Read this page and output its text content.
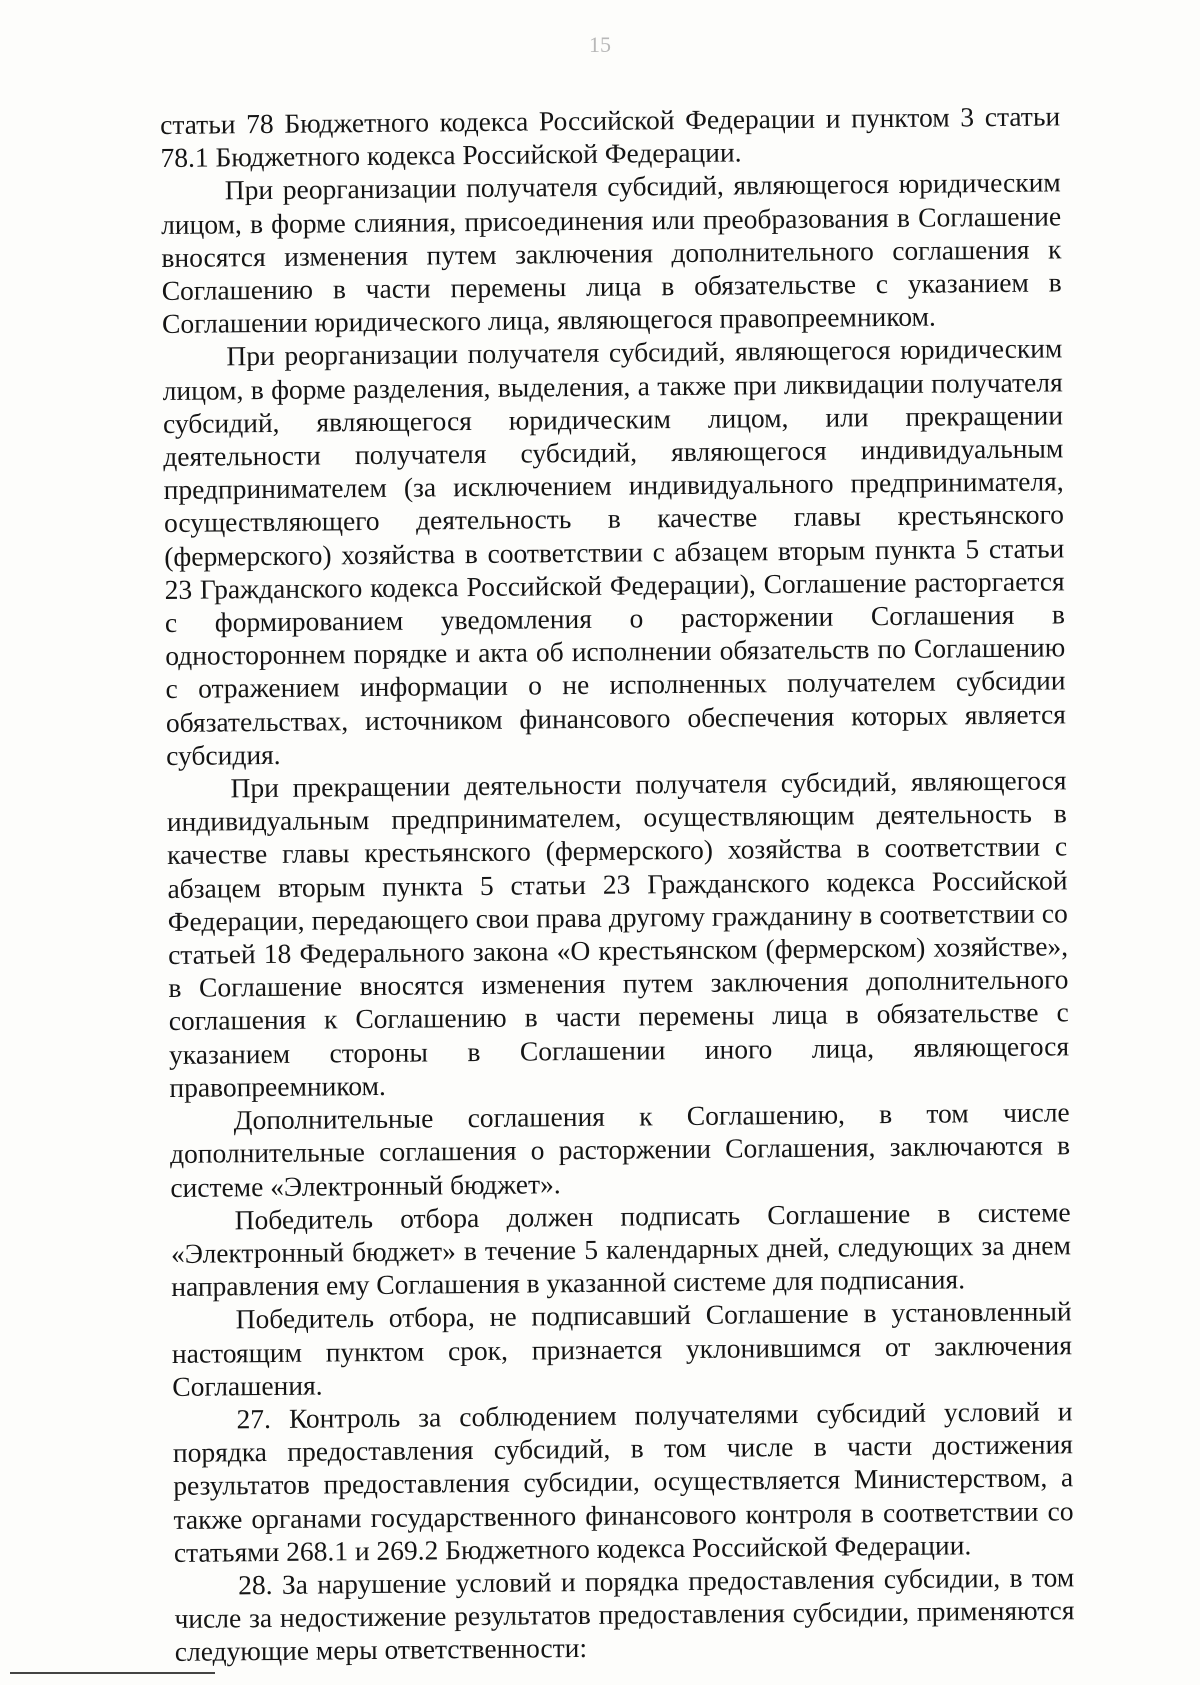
15

статьи 78 Бюджетного кодекса Российской Федерации и пунктом 3 статьи 78.1 Бюджетного кодекса Российской Федерации.

При реорганизации получателя субсидий, являющегося юридическим лицом, в форме слияния, присоединения или преобразования в Соглашение вносятся изменения путем заключения дополнительного соглашения к Соглашению в части перемены лица в обязательстве с указанием в Соглашении юридического лица, являющегося правопреемником.

При реорганизации получателя субсидий, являющегося юридическим лицом, в форме разделения, выделения, а также при ликвидации получателя субсидий, являющегося юридическим лицом, или прекращении деятельности получателя субсидий, являющегося индивидуальным предпринимателем (за исключением индивидуального предпринимателя, осуществляющего деятельность в качестве главы крестьянского (фермерского) хозяйства в соответствии с абзацем вторым пункта 5 статьи 23 Гражданского кодекса Российской Федерации), Соглашение расторгается с формированием уведомления о расторжении Соглашения в одностороннем порядке и акта об исполнении обязательств по Соглашению с отражением информации о не исполненных получателем субсидии обязательствах, источником финансового обеспечения которых является субсидия.

При прекращении деятельности получателя субсидий, являющегося индивидуальным предпринимателем, осуществляющим деятельность в качестве главы крестьянского (фермерского) хозяйства в соответствии с абзацем вторым пункта 5 статьи 23 Гражданского кодекса Российской Федерации, передающего свои права другому гражданину в соответствии со статьей 18 Федерального закона «О крестьянском (фермерском) хозяйстве», в Соглашение вносятся изменения путем заключения дополнительного соглашения к Соглашению в части перемены лица в обязательстве с указанием стороны в Соглашении иного лица, являющегося правопреемником.

Дополнительные соглашения к Соглашению, в том числе дополнительные соглашения о расторжении Соглашения, заключаются в системе «Электронный бюджет».

Победитель отбора должен подписать Соглашение в системе «Электронный бюджет» в течение 5 календарных дней, следующих за днем направления ему Соглашения в указанной системе для подписания.

Победитель отбора, не подписавший Соглашение в установленный настоящим пунктом срок, признается уклонившимся от заключения Соглашения.

27. Контроль за соблюдением получателями субсидий условий и порядка предоставления субсидий, в том числе в части достижения результатов предоставления субсидии, осуществляется Министерством, а также органами государственного финансового контроля в соответствии со статьями 268.1 и 269.2 Бюджетного кодекса Российской Федерации.

28. За нарушение условий и порядка предоставления субсидии, в том числе за недостижение результатов предоставления субсидии, применяются следующие меры ответственности:
